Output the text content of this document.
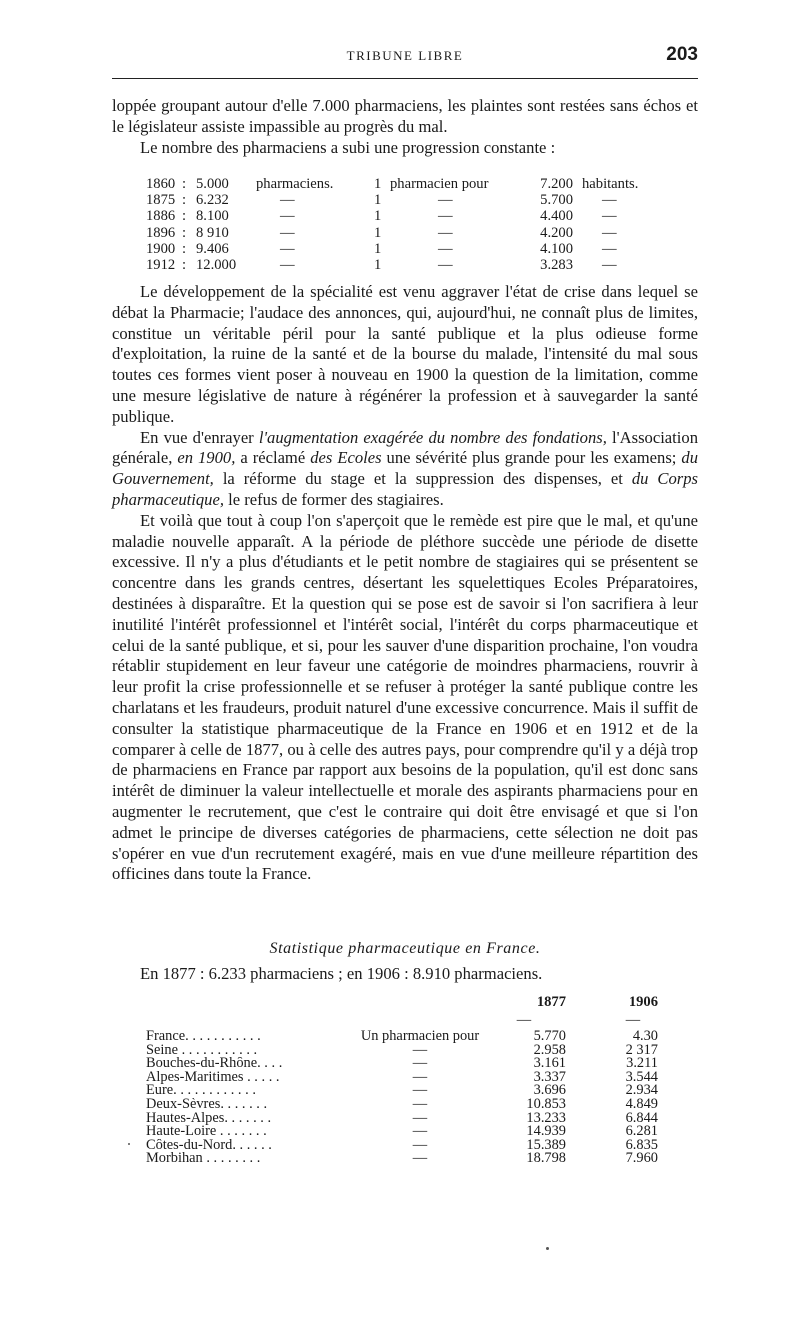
TRIBUNE LIBRE	203

loppée groupant autour d'elle 7.000 pharmaciens, les plaintes sont restées sans échos et le législateur assiste impassible au progrès du mal.

Le nombre des pharmaciens a subi une progression constante :

1860 : 5.000 pharmaciens.	1 pharmacien pour	7.200 habitants.
1875 : 6.232	—	1	—	5.700 —
1886 : 8.100	—	1	—	4.400 —
1896 : 8 910	—	1	—	4.200 —
1900 : 9.406	—	1	—	4.100 —
1912 : 12.000	—	1	—	3.283 —

Le développement de la spécialité est venu aggraver l'état de crise dans lequel se débat la Pharmacie; l'audace des annonces, qui, aujourd'hui, ne connaît plus de limites, constitue un véritable péril pour la santé publique et la plus odieuse forme d'exploitation, la ruine de la santé et de la bourse du malade, l'intensité du mal sous toutes ces formes vient poser à nouveau en 1900 la question de la limitation, comme une mesure législative de nature à régénérer la profession et à sauvegarder la santé publique.

En vue d'enrayer l'augmentation exagérée du nombre des fondations, l'Association générale, en 1900, a réclamé des Ecoles une sévérité plus grande pour les examens; du Gouvernement, la réforme du stage et la suppression des dispenses, et du Corps pharmaceutique, le refus de former des stagiaires.

Et voilà que tout à coup l'on s'aperçoit que le remède est pire que le mal, et qu'une maladie nouvelle apparaît. A la période de pléthore succède une période de disette excessive. Il n'y a plus d'étudiants et le petit nombre de stagiaires qui se présentent se concentre dans les grands centres, désertant les squelettiques Ecoles Préparatoires, destinées à disparaître. Et la question qui se pose est de savoir si l'on sacrifiera à leur inutilité l'intérêt professionnel et l'intérêt social, l'intérêt du corps pharmaceutique et celui de la santé publique, et si, pour les sauver d'une disparition prochaine, l'on voudra rétablir stupidement en leur faveur une catégorie de moindres pharmaciens, rouvrir à leur profit la crise professionnelle et se refuser à protéger la santé publique contre les charlatans et les fraudeurs, produit naturel d'une excessive concurrence. Mais il suffit de consulter la statistique pharmaceutique de la France en 1906 et en 1912 et de la comparer à celle de 1877, ou à celle des autres pays, pour comprendre qu'il y a déjà trop de pharmaciens en France par rapport aux besoins de la population, qu'il est donc sans intérêt de diminuer la valeur intellectuelle et morale des aspirants pharmaciens pour en augmenter le recrutement, que c'est le contraire qui doit être envisagé et que si l'on admet le principe de diverses catégories de pharmaciens, cette sélection ne doit pas s'opérer en vue d'un recrutement exagéré, mais en vue d'une meilleure répartition des officines dans toute la France.

Statistique pharmaceutique en France.
En 1877 : 6.233 pharmaciens ; en 1906 : 8.910 pharmaciens.
1877	1906
—	—
France. . . . . . . . . . .	Un pharmacien pour	5.770	4.30
Seine . . . . . . . . . . .	—	2.958	2 317
Bouches-du-Rhône. . . .	—	3.161	3.211
Alpes-Maritimes . . . . .	—	3.337	3.544
Eure. . . . . . . . . . . .	—	3.696	2.934
Deux-Sèvres. . . . . . .	—	10.853	4.849
Hautes-Alpes. . . . . . .	—	13.233	6.844
Haute-Loire . . . . . . .	—	14.939	6.281
Côtes-du-Nord. . . . . .	—	15.389	6.835
Morbihan . . . . . . . .	—	18.798	7.960
